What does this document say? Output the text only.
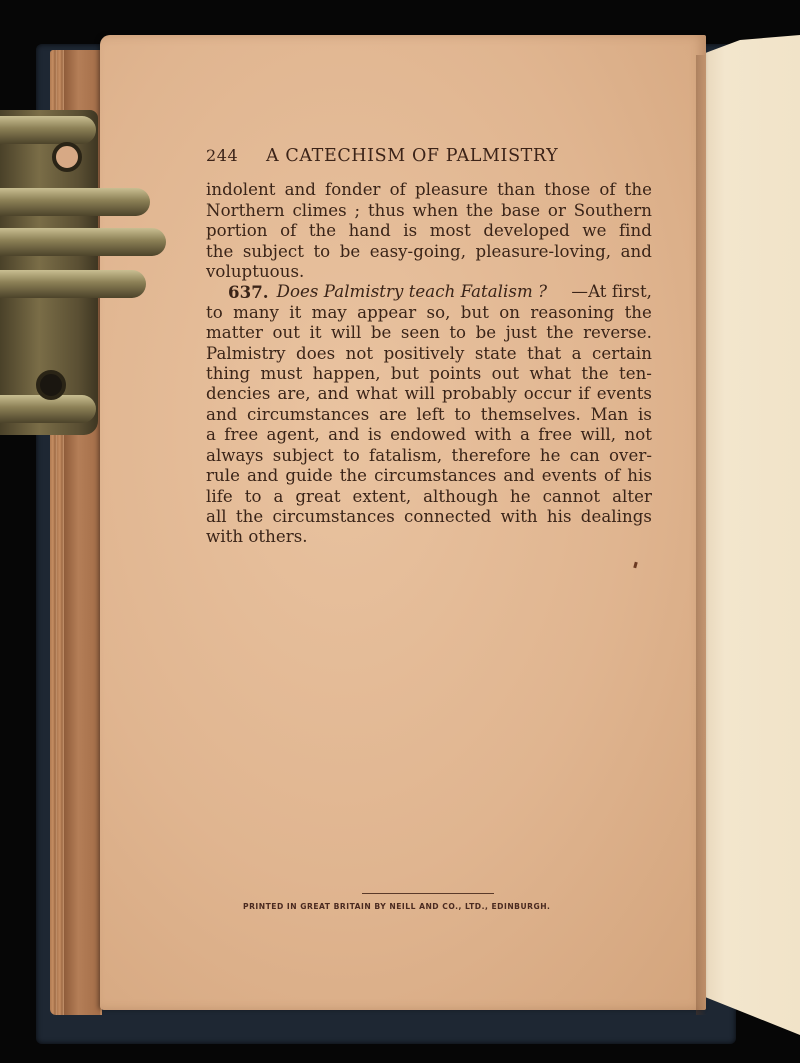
244	A CATECHISM OF PALMISTRY
indolent and fonder of pleasure than those of the
Northern climes ; thus when the base or Southern
portion of the hand is most developed we find
the subject to be easy-going, pleasure-loving, and
voluptuous.
637. Does Palmistry teach Fatalism ? —At first,
to many it may appear so, but on reasoning the
matter out it will be seen to be just the reverse.
Palmistry does not positively state that a certain
thing must happen, but points out what the ten-
dencies are, and what will probably occur if events
and circumstances are left to themselves. Man is
a free agent, and is endowed with a free will, not
always subject to fatalism, therefore he can over-
rule and guide the circumstances and events of his
life to a great extent, although he cannot alter
all the circumstances connected with his dealings
with others.
PRINTED IN GREAT BRITAIN BY NEILL AND CO., LTD., EDINBURGH.
